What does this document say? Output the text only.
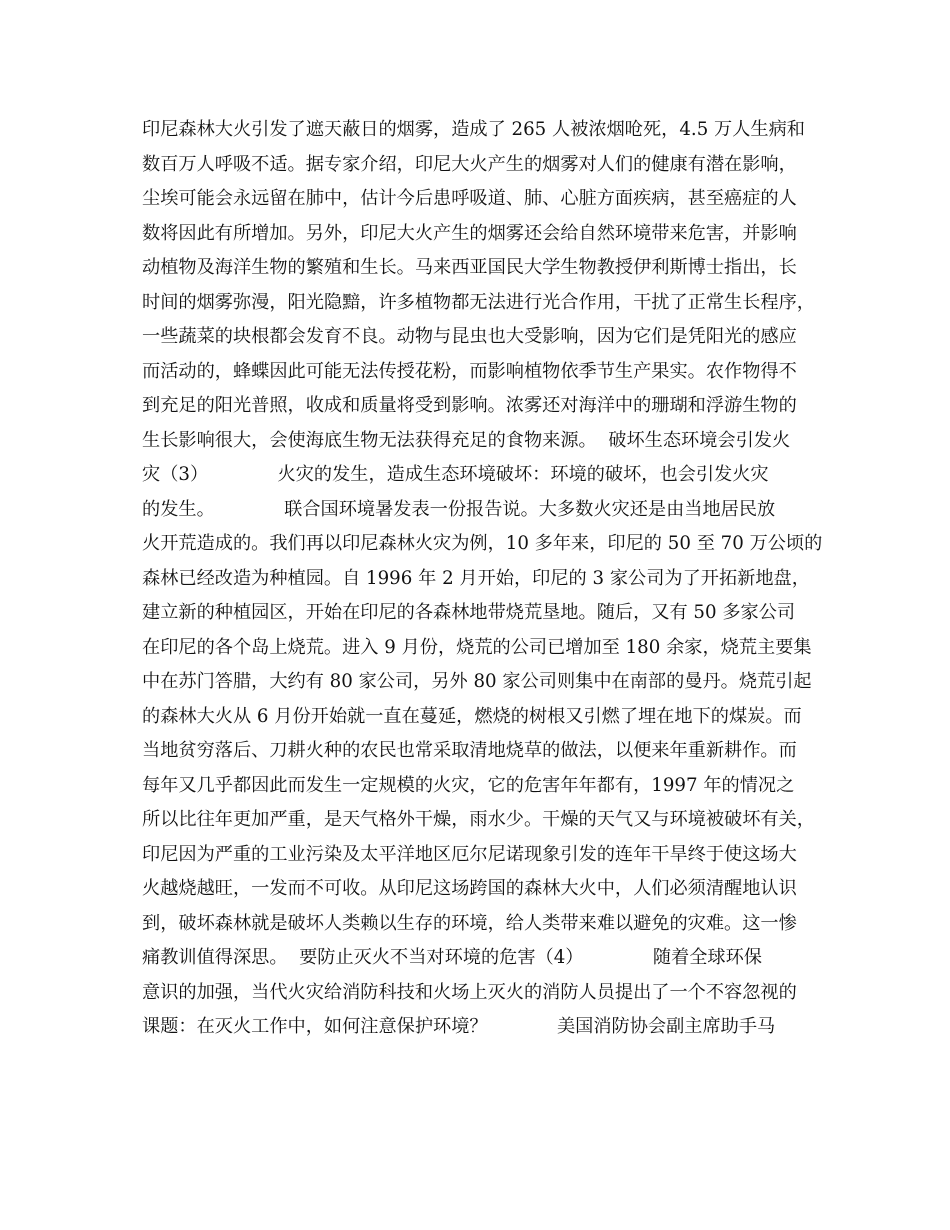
印尼森林大火引发了遮天蔽日的烟雾，造成了 265 人被浓烟呛死，4.5 万人生病和
数百万人呼吸不适。据专家介绍，印尼大火产生的烟雾对人们的健康有潜在影响，
尘埃可能会永远留在肺中，估计今后患呼吸道、肺、心脏方面疾病，甚至癌症的人
数将因此有所增加。另外，印尼大火产生的烟雾还会给自然环境带来危害，并影响
动植物及海洋生物的繁殖和生长。马来西亚国民大学生物教授伊利斯博士指出，长
时间的烟雾弥漫，阳光隐黯，许多植物都无法进行光合作用，干扰了正常生长程序，
一些蔬菜的块根都会发育不良。动物与昆虫也大受影响，因为它们是凭阳光的感应
而活动的，蜂蝶因此可能无法传授花粉，而影响植物依季节生产果实。农作物得不
到充足的阳光普照，收成和质量将受到影响。浓雾还对海洋中的珊瑚和浮游生物的
生长影响很大，会使海底生物无法获得充足的食物来源。  破坏生态环境会引发火
灾（3）            火灾的发生，造成生态环境破坏：环境的破坏，也会引发火灾
的发生。            联合国环境暑发表一份报告说。大多数火灾还是由当地居民放
火开荒造成的。我们再以印尼森林火灾为例，10 多年来，印尼的 50 至 70 万公顷的
森林已经改造为种植园。自 1996 年 2 月开始，印尼的 3 家公司为了开拓新地盘，
建立新的种植园区，开始在印尼的各森林地带烧荒垦地。随后，又有 50 多家公司
在印尼的各个岛上烧荒。进入 9 月份，烧荒的公司已增加至 180 余家，烧荒主要集
中在苏门答腊，大约有 80 家公司，另外 80 家公司则集中在南部的曼丹。烧荒引起
的森林大火从 6 月份开始就一直在蔓延，燃烧的树根又引燃了埋在地下的煤炭。而
当地贫穷落后、刀耕火种的农民也常采取清地烧草的做法，以便来年重新耕作。而
每年又几乎都因此而发生一定规模的火灾，它的危害年年都有，1997 年的情况之
所以比往年更加严重，是天气格外干燥，雨水少。干燥的天气又与环境被破坏有关，
印尼因为严重的工业污染及太平洋地区厄尔尼诺现象引发的连年干旱终于使这场大
火越烧越旺，一发而不可收。从印尼这场跨国的森林大火中，人们必须清醒地认识
到，破坏森林就是破坏人类赖以生存的环境，给人类带来难以避免的灾难。这一惨
痛教训值得深思。  要防止灭火不当对环境的危害（4）            随着全球环保
意识的加强，当代火灾给消防科技和火场上灭火的消防人员提出了一个不容忽视的
课题：在灭火工作中，如何注意保护环境？            美国消防协会副主席助手马
